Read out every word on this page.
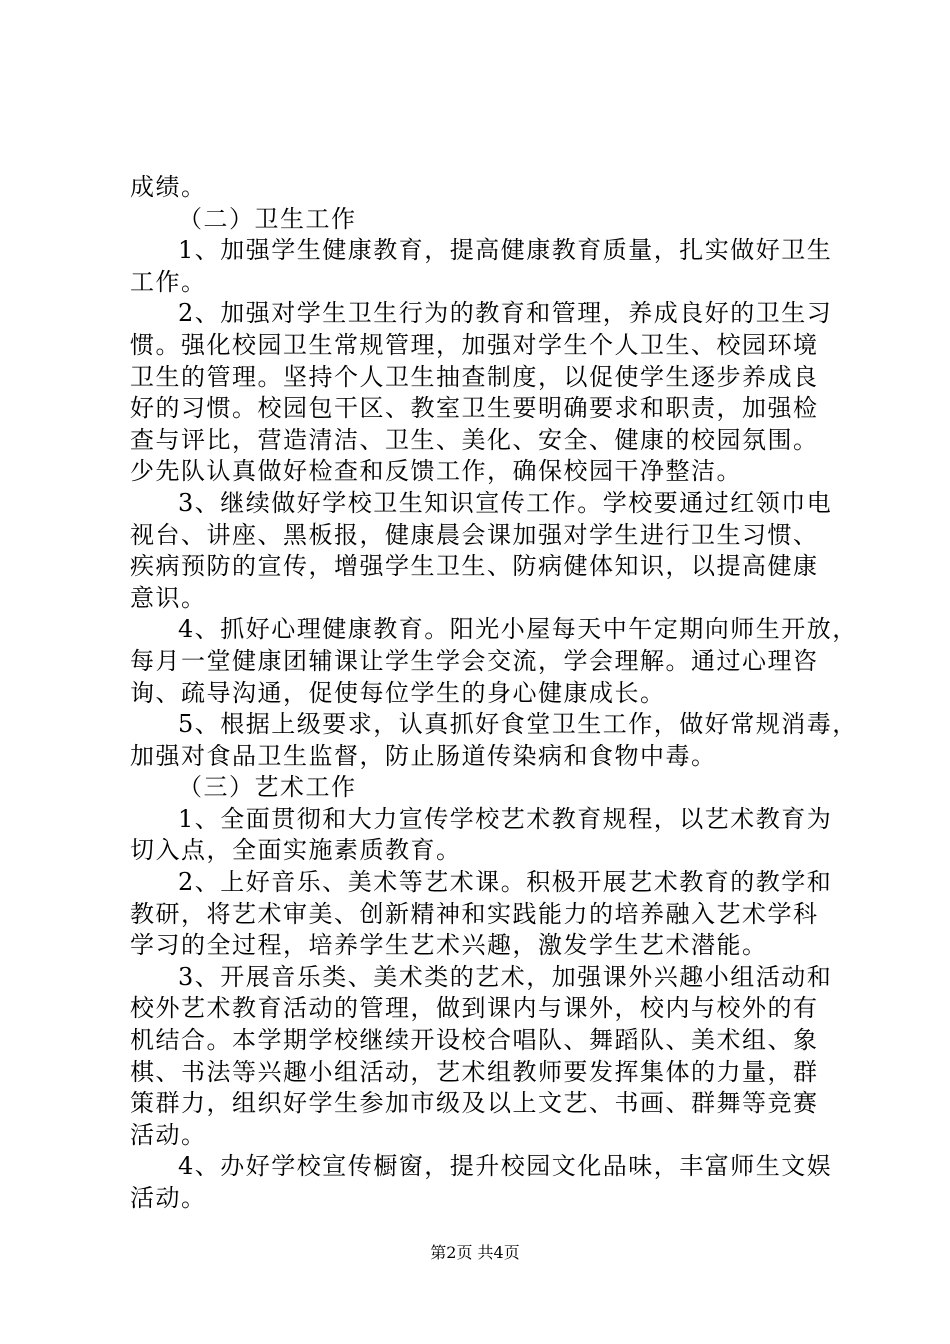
成绩。
（二）卫生工作
1、加强学生健康教育，提高健康教育质量，扎实做好卫生
工作。
2、加强对学生卫生行为的教育和管理，养成良好的卫生习
惯。强化校园卫生常规管理，加强对学生个人卫生、校园环境
卫生的管理。坚持个人卫生抽查制度，以促使学生逐步养成良
好的习惯。校园包干区、教室卫生要明确要求和职责，加强检
查与评比，营造清洁、卫生、美化、安全、健康的校园氛围。
少先队认真做好检查和反馈工作，确保校园干净整洁。
3、继续做好学校卫生知识宣传工作。学校要通过红领巾电
视台、讲座、黑板报，健康晨会课加强对学生进行卫生习惯、
疾病预防的宣传，增强学生卫生、防病健体知识，以提高健康
意识。
4、抓好心理健康教育。阳光小屋每天中午定期向师生开放，
每月一堂健康团辅课让学生学会交流，学会理解。通过心理咨
询、疏导沟通，促使每位学生的身心健康成长。
5、根据上级要求，认真抓好食堂卫生工作，做好常规消毒，
加强对食品卫生监督，防止肠道传染病和食物中毒。
（三）艺术工作
1、全面贯彻和大力宣传学校艺术教育规程，以艺术教育为
切入点，全面实施素质教育。
2、上好音乐、美术等艺术课。积极开展艺术教育的教学和
教研，将艺术审美、创新精神和实践能力的培养融入艺术学科
学习的全过程，培养学生艺术兴趣，激发学生艺术潜能。
3、开展音乐类、美术类的艺术，加强课外兴趣小组活动和
校外艺术教育活动的管理，做到课内与课外，校内与校外的有
机结合。本学期学校继续开设校合唱队、舞蹈队、美术组、象
棋、书法等兴趣小组活动，艺术组教师要发挥集体的力量，群
策群力，组织好学生参加市级及以上文艺、书画、群舞等竞赛
活动。
4、办好学校宣传橱窗，提升校园文化品味，丰富师生文娱
活动。
第2页 共4页
